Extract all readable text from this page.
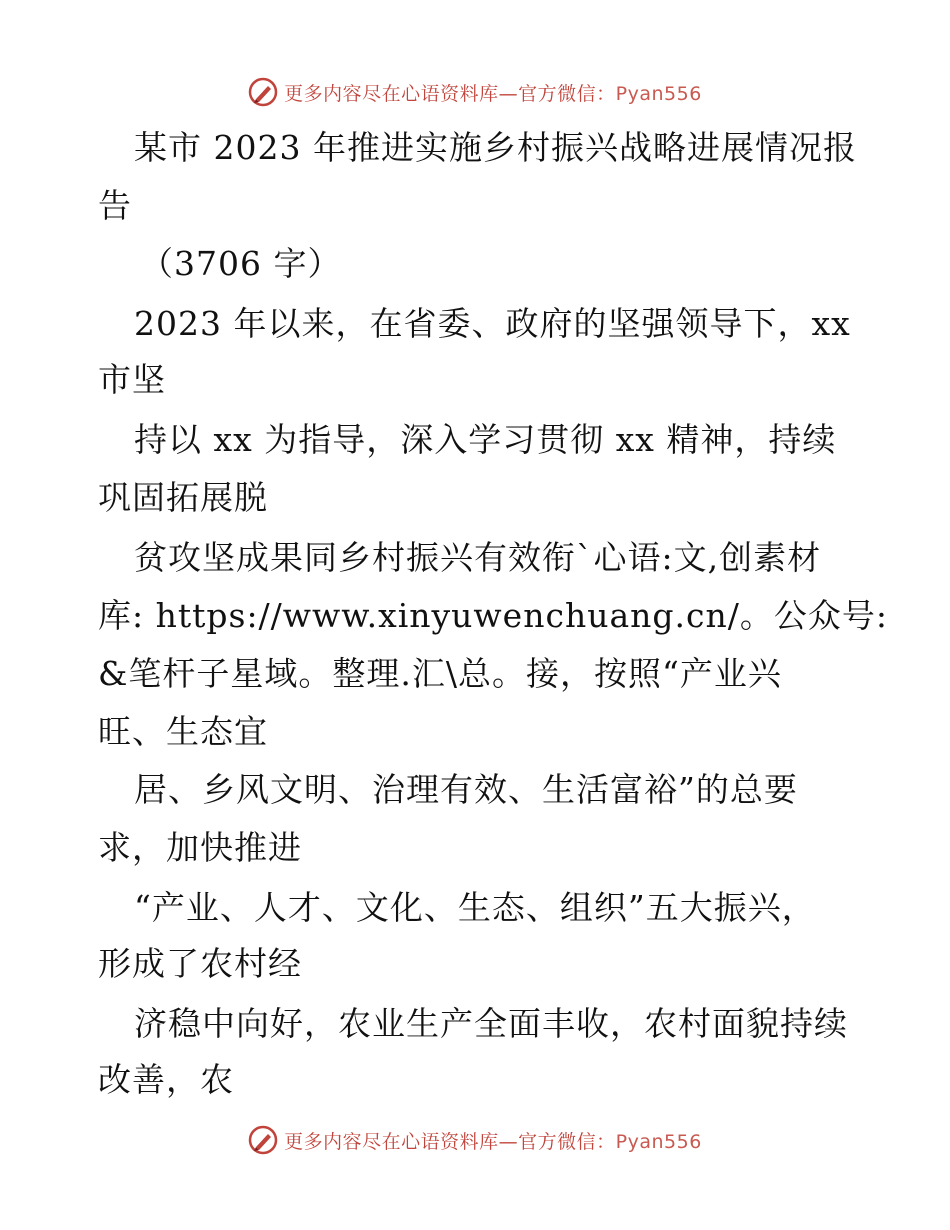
更多内容尽在心语资料库—官方微信：Pyan556
某市 2023 年推进实施乡村振兴战略进展情况报
告
（3706 字）
2023 年以来，在省委、政府的坚强领导下，xx
市坚
持以 xx 为指导，深入学习贯彻 xx 精神，持续
巩固拓展脱
贫攻坚成果同乡村振兴有效衔`心语:文,创素材
库: https://www.xinyuwenchuang.cn/。公众号:
&笔杆子星域。整理.汇\总。接，按照“产业兴
旺、生态宜
居、乡风文明、治理有效、生活富裕”的总要
求，加快推进
“产业、人才、文化、生态、组织”五大振兴，
形成了农村经
济稳中向好，农业生产全面丰收，农村面貌持续
改善，农
更多内容尽在心语资料库—官方微信：Pyan556
